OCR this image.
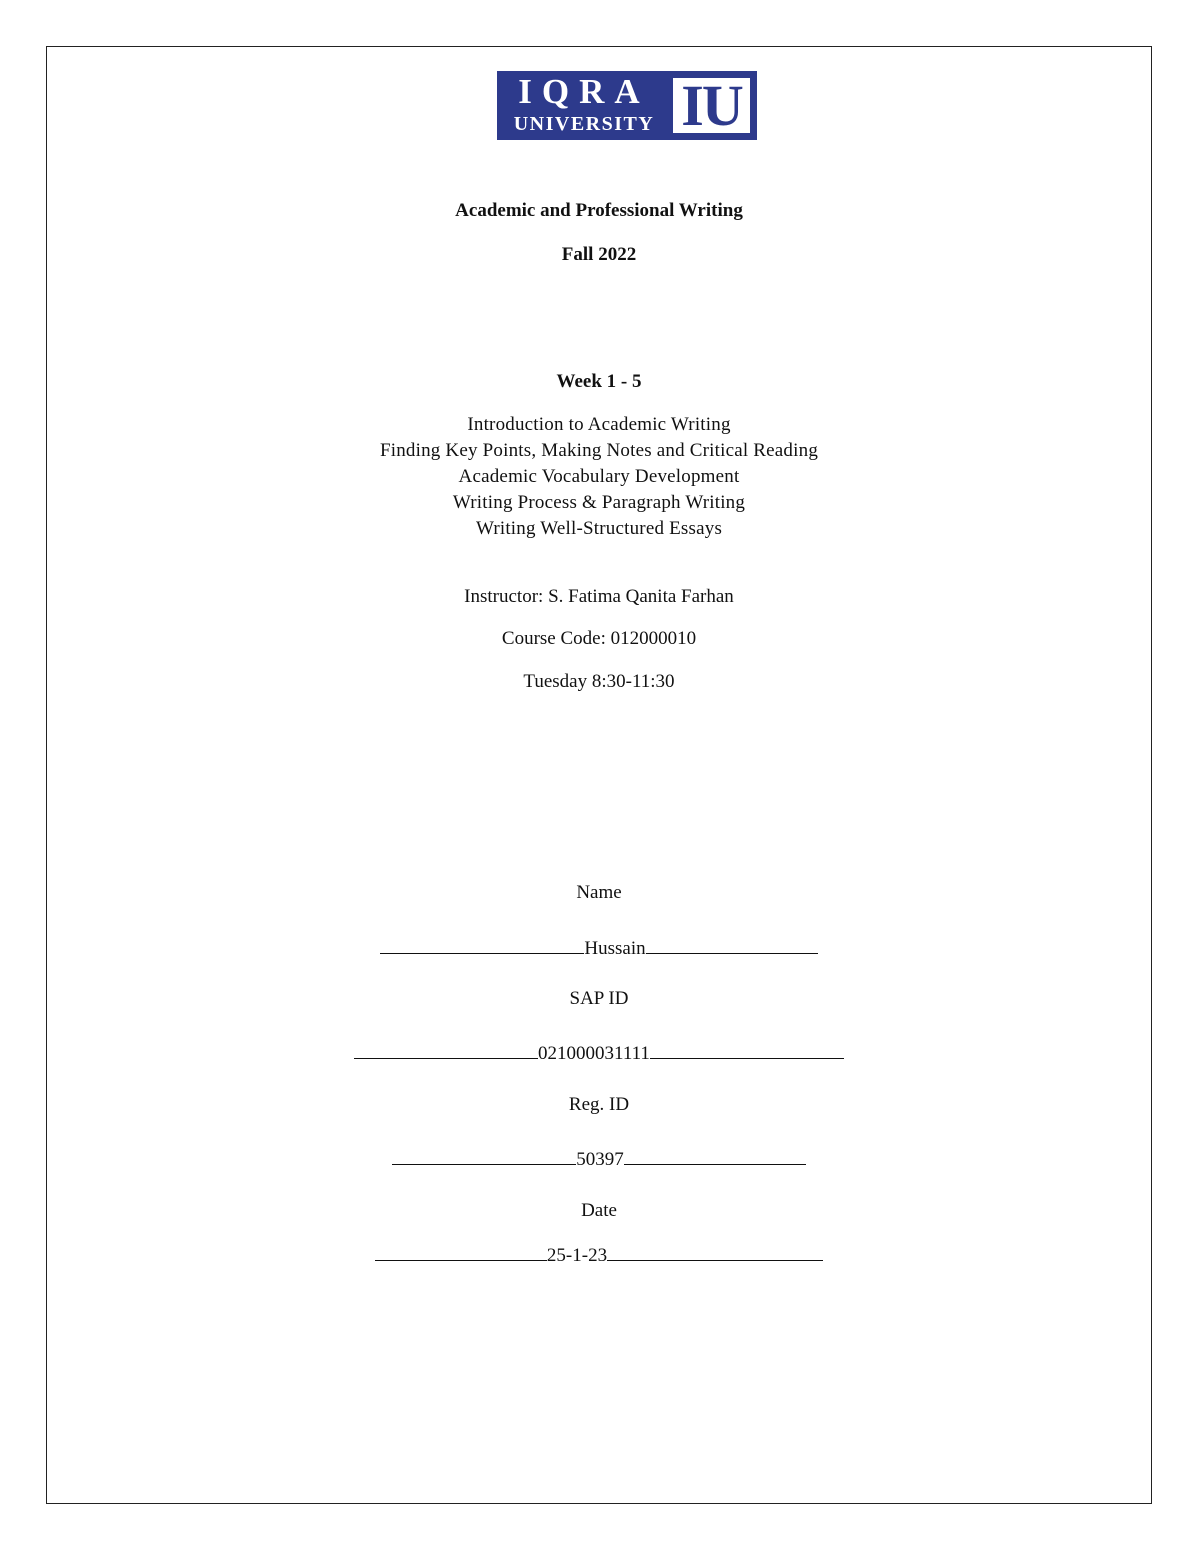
IQRA
UNIVERSITY IU
Academic and Professional Writing
Fall 2022
Week 1 - 5
Introduction to Academic Writing
Finding Key Points, Making Notes and Critical Reading
Academic Vocabulary Development
Writing Process & Paragraph Writing
Writing Well-Structured Essays
Instructor: S. Fatima Qanita Farhan
Course Code: 012000010
Tuesday 8:30-11:30
Name
Hussain
SAP ID
021000031111
Reg. ID
50397
Date
25-1-23
